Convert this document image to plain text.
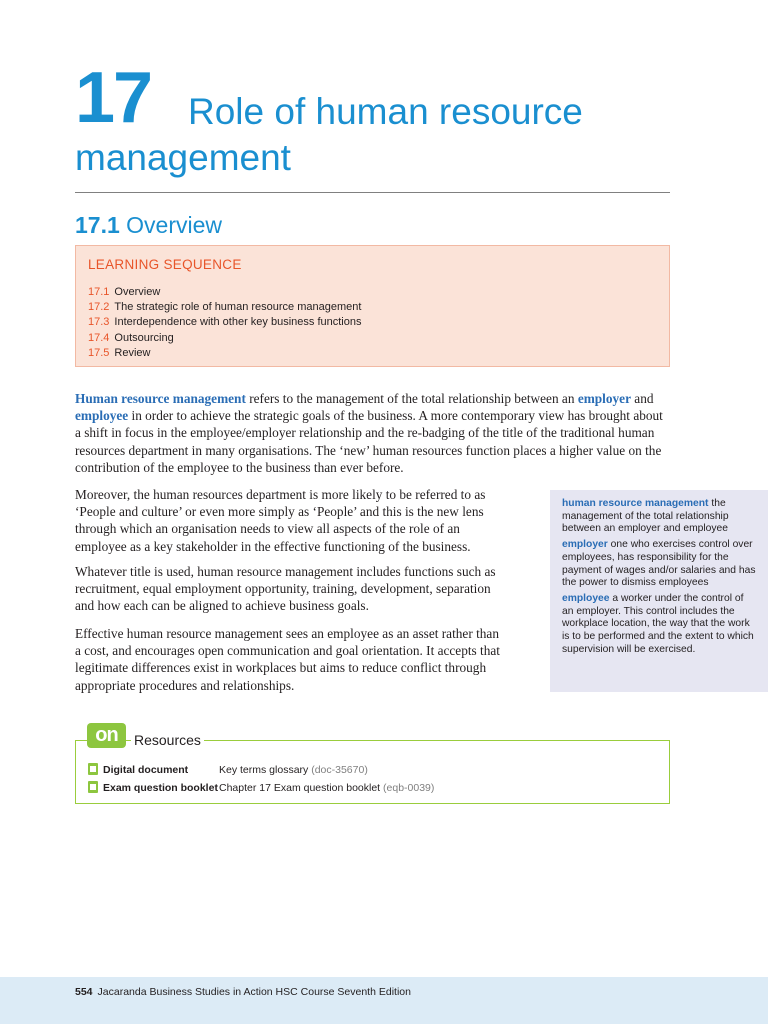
17 Role of human resource
management
17.1 Overview
LEARNING SEQUENCE
17.1 Overview
17.2 The strategic role of human resource management
17.3 Interdependence with other key business functions
17.4 Outsourcing
17.5 Review

Human resource management refers to the management of the total relationship between an employer and employee in order to achieve the strategic goals of the business. A more contemporary view has brought about a shift in focus in the employee/employer relationship and the re-badging of the title of the traditional human resources department in many organisations. The ‘new’ human resources function places a higher value on the contribution of the employee to the business than ever before.

Moreover, the human resources department is more likely to be referred to as ‘People and culture’ or even more simply as ‘People’ and this is the new lens through which an organisation needs to view all aspects of the role of an employee as a key stakeholder in the effective functioning of the business.

Whatever title is used, human resource management includes functions such as recruitment, equal employment opportunity, training, development, separation and how each can be aligned to achieve business goals.

Effective human resource management sees an employee as an asset rather than a cost, and encourages open communication and goal orientation. It accepts that legitimate differences exist in workplaces but aims to reduce conflict through appropriate procedures and relationships.

human resource management the management of the total relationship between an employer and employee
employer one who exercises control over employees, has responsibility for the payment of wages and/or salaries and has the power to dismiss employees
employee a worker under the control of an employer. This control includes the workplace location, the way that the work is to be performed and the extent to which supervision will be exercised.
on	Resources
Digital document	Key terms glossary (doc-35670)
Exam question bookletChapter 17 Exam question booklet (eqb-0039)
554 Jacaranda Business Studies in Action HSC Course Seventh Edition
